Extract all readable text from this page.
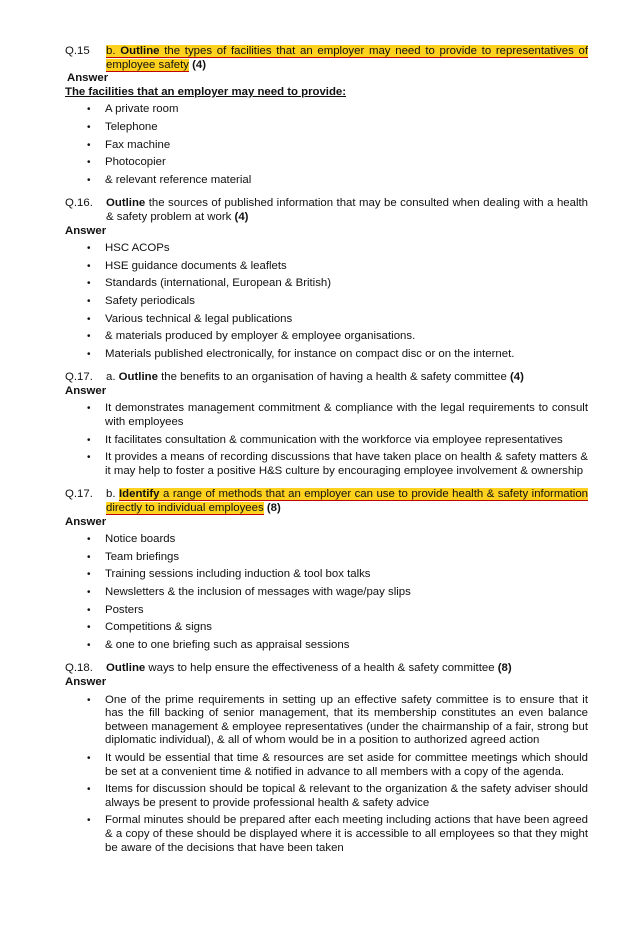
Q.15	b. Outline the types of facilities that an employer may need to provide to representatives of employee safety (4)
Answer
The facilities that an employer may need to provide:
• A private room
• Telephone
• Fax machine
• Photocopier
• & relevant reference material
Q.16.	Outline the sources of published information that may be consulted when dealing with a health & safety problem at work (4)
Answer
• HSC ACOPs
• HSE guidance documents & leaflets
• Standards (international, European & British)
• Safety periodicals
• Various technical & legal publications
• & materials produced by employer & employee organisations.
• Materials published electronically, for instance on compact disc or on the internet.
Q.17.	a. Outline the benefits to an organisation of having a health & safety committee (4)
Answer
• It demonstrates management commitment & compliance with the legal requirements to consult with employees
• It facilitates consultation & communication with the workforce via employee representatives
• It provides a means of recording discussions that have taken place on health & safety matters & it may help to foster a positive H&S culture by encouraging employee involvement & ownership
Q.17.	b. Identify a range of methods that an employer can use to provide health & safety information directly to individual employees (8)
Answer
• Notice boards
• Team briefings
• Training sessions including induction & tool box talks
• Newsletters & the inclusion of messages with wage/pay slips
• Posters
• Competitions & signs
• & one to one briefing such as appraisal sessions
Q.18.	Outline ways to help ensure the effectiveness of a health & safety committee (8)
Answer
• One of the prime requirements in setting up an effective safety committee is to ensure that it has the fill backing of senior management, that its membership constitutes an even balance between management & employee representatives (under the chairmanship of a fair, strong but diplomatic individual), & all of whom would be in a position to authorized agreed action
• It would be essential that time & resources are set aside for committee meetings which should be set at a convenient time & notified in advance to all members with a copy of the agenda.
• Items for discussion should be topical & relevant to the organization & the safety adviser should always be present to provide professional health & safety advice
• Formal minutes should be prepared after each meeting including actions that have been agreed & a copy of these should be displayed where it is accessible to all employees so that they might be aware of the decisions that have been taken
